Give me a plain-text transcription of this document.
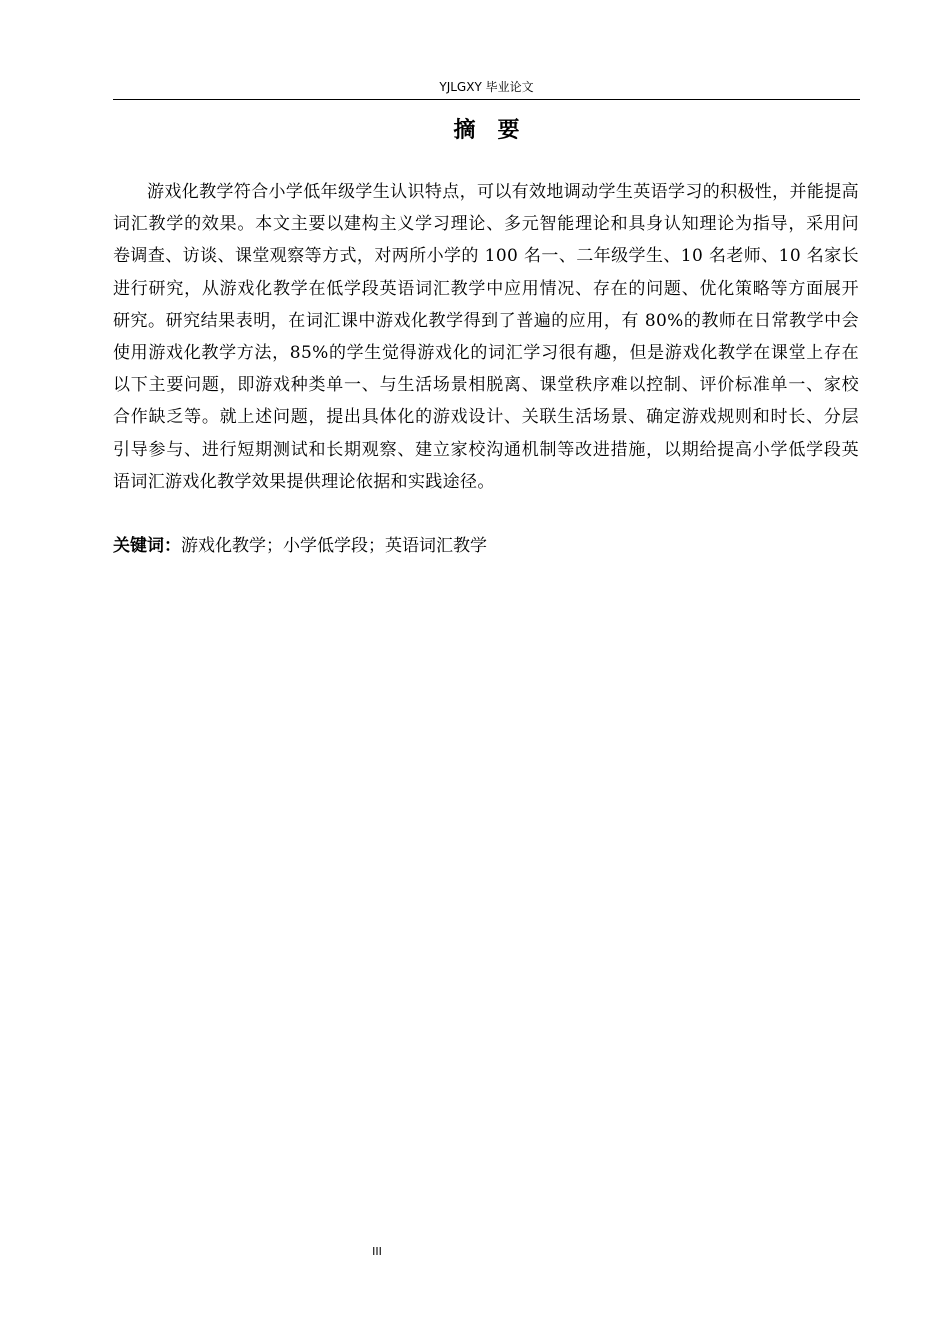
YJLGXY 毕业论文
摘要

游戏化教学符合小学低年级学生认识特点，可以有效地调动学生英语学习的积极性，并能提高词汇教学的效果。本文主要以建构主义学习理论、多元智能理论和具身认知理论为指导，采用问卷调查、访谈、课堂观察等方式，对两所小学的 100 名一、二年级学生、10 名老师、10 名家长进行研究，从游戏化教学在低学段英语词汇教学中应用情况、存在的问题、优化策略等方面展开研究。研究结果表明，在词汇课中游戏化教学得到了普遍的应用，有 80%的教师在日常教学中会使用游戏化教学方法，85%的学生觉得游戏化的词汇学习很有趣，但是游戏化教学在课堂上存在以下主要问题，即游戏种类单一、与生活场景相脱离、课堂秩序难以控制、评价标准单一、家校合作缺乏等。就上述问题，提出具体化的游戏设计、关联生活场景、确定游戏规则和时长、分层引导参与、进行短期测试和长期观察、建立家校沟通机制等改进措施，以期给提高小学低学段英语词汇游戏化教学效果提供理论依据和实践途径。

关键词：游戏化教学；小学低学段；英语词汇教学
III
